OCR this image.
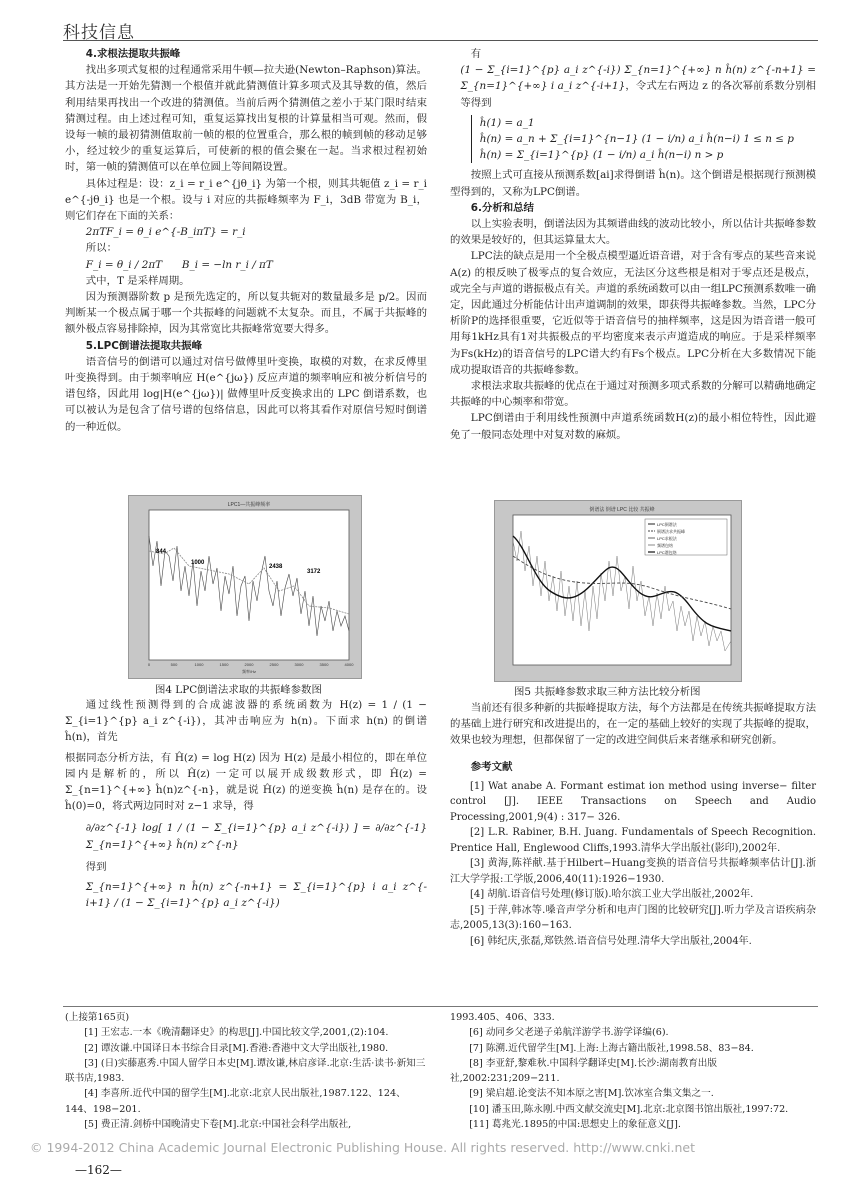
科技信息

4.求根法提取共振峰

找出多项式复根的过程通常采用牛顿—拉夫逊(Newton–Raphson)算法。其方法是一开始先猜测一个根值并就此猜测值计算多项式及其导数的值，然后利用结果再找出一个改进的猜测值。当前后两个猜测值之差小于某门限时结束猜测过程。由上述过程可知，重复运算找出复根的计算量相当可观。然而，假设每一帧的最初猜测值取前一帧的根的位置重合，那么根的帧到帧的移动足够小，经过较少的重复运算后，可使新的根的值会聚在一起。当求根过程初始时，第一帧的猜测值可以在单位圆上等间隔设置。

具体过程是：设：z_i = r_i e^{jθ_i} 为第一个根，则其共轭值 z_i = r_i e^{-jθ_i} 也是一个根。设与 i 对应的共振峰频率为 F_i，3dB 带宽为 B_i，则它们存在下面的关系：

2πTF_i = θ_i e^{-B_iπT} = r_i

所以：

F_i = θ_i / 2πT B_i = −ln r_i / πT

式中，T 是采样周期。

因为预测器阶数 p 是预先选定的，所以复共轭对的数量最多是 p/2。因而判断某一个极点属于哪一个共振峰的问题就不太复杂。而且，不属于共振峰的额外极点容易排除掉，因为其常宽比共振峰常宽要大得多。

5.LPC倒谱法提取共振峰

语音信号的倒谱可以通过对信号做傅里叶变换，取模的对数，在求反傅里叶变换得到。由于频率响应 H(e^{jω}) 反应声道的频率响应和被分析信号的谱包络，因此用 log|H(e^{jω})| 做傅里叶反变换求出的 LPC 倒谱系数，也可以被认为是包含了信号谱的包络信息，因此可以将其看作对原信号短时倒谱的一种近似。

LPC1—共振峰频率
844
1000
2438
3172
0	500	1000	1500	2000	2500	3000	3500	4000
频率/Hz
图4 LPC倒谱法求取的共振峰参数图

通过线性预测得到的合成滤波器的系统函数为 H(z) = 1 / (1 − Σ_{i=1}^{p} a_i z^{-i})，其冲击响应为 h(n)。下面求 h(n) 的倒谱 ĥ(n)，首先

根据同态分析方法，有 Ĥ(z) = log H(z) 因为 H(z) 是最小相位的，即在单位园内是解析的，所以 Ĥ(z) 一定可以展开成级数形式，即 Ĥ(z) = Σ_{n=1}^{+∞} ĥ(n)z^{-n}，就是说 Ĥ(z) 的逆变换 ĥ(n) 是存在的。设 ĥ(0)=0，将式两边同时对 z−1 求导，得

∂/∂z^{-1} log[ 1 / (1 − Σ_{i=1}^{p} a_i z^{-i}) ] = ∂/∂z^{-1} Σ_{n=1}^{+∞} ĥ(n) z^{-n}

得到

Σ_{n=1}^{+∞} n ĥ(n) z^{-n+1} = Σ_{i=1}^{p} i a_i z^{-i+1} / (1 − Σ_{i=1}^{p} a_i z^{-i})

有

(1 − Σ_{i=1}^{p} a_i z^{-i}) Σ_{n=1}^{+∞} n ĥ(n) z^{-n+1} = Σ_{n=1}^{+∞} i a_i z^{-i+1}，令式左右两边 z 的各次幂前系数分别相等得到

ĥ(1) = a_1

ĥ(n) = a_n + Σ_{i=1}^{n−1} (1 − i/n) a_i ĥ(n−i) 1 ≤ n ≤ p

ĥ(n) = Σ_{i=1}^{p} (1 − i/n) a_i ĥ(n−i) n > p

按照上式可直接从预测系数[ai]求得倒谱 ĥ(n)。这个倒谱是根据现行预测模型得到的，又称为LPC倒谱。

6.分析和总结

以上实验表明，倒谱法因为其频谱曲线的波动比较小，所以估计共振峰参数的效果是较好的，但其运算量太大。

LPC法的缺点是用一个全极点模型逼近语音谱，对于含有零点的某些音来说 A(z) 的根反映了极零点的复合效应，无法区分这些根是相对于零点还是极点，或完全与声道的谐振极点有关。声道的系统函数可以由一组LPC预测系数唯一确定，因此通过分析能估计出声道调制的效果，即获得共振峰参数。当然，LPC分析阶P的选择很重要，它近似等于语音信号的抽样频率，这是因为语音谱一般可用每1kHz具有1对共振极点的平均密度来表示声道造成的响应。于是采样频率为Fs(kHz)的语音信号的LPC谱大约有Fs个极点。LPC分析在大多数情况下能成功提取语音的共振峰参数。

求根法求取共振峰的优点在于通过对预测多项式系数的分解可以精确地确定共振峰的中心频率和带宽。

LPC倒谱由于利用线性预测中声道系统函数H(z)的最小相位特性，因此避免了一般同态处理中对复对数的麻烦。

倒谱法 倒谱 LPC 比较 共振峰
LPC倒谱法
倒谱法求共振峰
LPC求根法
频谱包络
LPC谱包络
图5 共振峰参数求取三种方法比较分析图

当前还有很多种新的共振峰提取方法，每个方法都是在传统共振峰提取方法的基础上进行研究和改进提出的，在一定的基础上较好的实现了共振峰的提取，效果也较为理想，但都保留了一定的改进空间供后来者继承和研究创新。

参考文献

[1] Wat anabe A. Formant estimat ion method using inverse− filter control [J]. IEEE Transactions on Speech and Audio Processing,2001,9(4) : 317− 326.

[2] L.R. Rabiner, B.H. Juang. Fundamentals of Speech Recognition. Prentice Hall, Englewood Cliffs,1993.清华大学出版社(影印),2002年.

[3] 黄海,陈祥献.基于Hilbert−Huang变换的语音信号共振峰频率估计[J].浙江大学学报:工学版,2006,40(11):1926−1930.

[4] 胡航.语音信号处理(修订版).哈尔滨工业大学出版社,2002年.

[5] 于萍,韩冰等.嗓音声学分析和电声门图的比较研究[J].听力学及言语疾病杂志,2005,13(3):160−163.

[6] 韩纪庆,张磊,郑铁然.语音信号处理.清华大学出版社,2004年.

(上接第165页)

[1] 王宏志.一本《晚清翻译史》的构思[J].中国比较文学,2001,(2):104.

[2] 谭汝谦.中国译日本书综合目录[M].香港:香港中文大学出版社,1980.

[3] (日)实藤惠秀.中国人留学日本史[M].谭汝谦,林启彦译.北京:生活·读书·新知三联书店,1983.

[4] 李喜所.近代中国的留学生[M].北京:北京人民出版社,1987.122、124、144、198−201.

[5] 费正清.剑桥中国晚清史下卷[M].北京:中国社会科学出版社,

1993.405、406、333.

[6] 动同乡父老递子弟航洋游学书.游学译编(6).

[7] 陈溯.近代留学生[M].上海:上海古籍出版社,1998.58、83−84.

[8] 李亚舒,黎难秋.中国科学翻译史[M].长沙:湖南教育出版社,2002:231;209−211.

[9] 梁启超.论变法不知本原之害[M].饮冰室合集文集之一.

[10] 潘玉田,陈永刚.中西文献交流史[M].北京:北京图书馆出版社,1997:72.

[11] 葛兆光.1895的中国:思想史上的象征意义[J].

© 1994-2012 China Academic Journal Electronic Publishing House. All rights reserved. http://www.cnki.net
—162—
